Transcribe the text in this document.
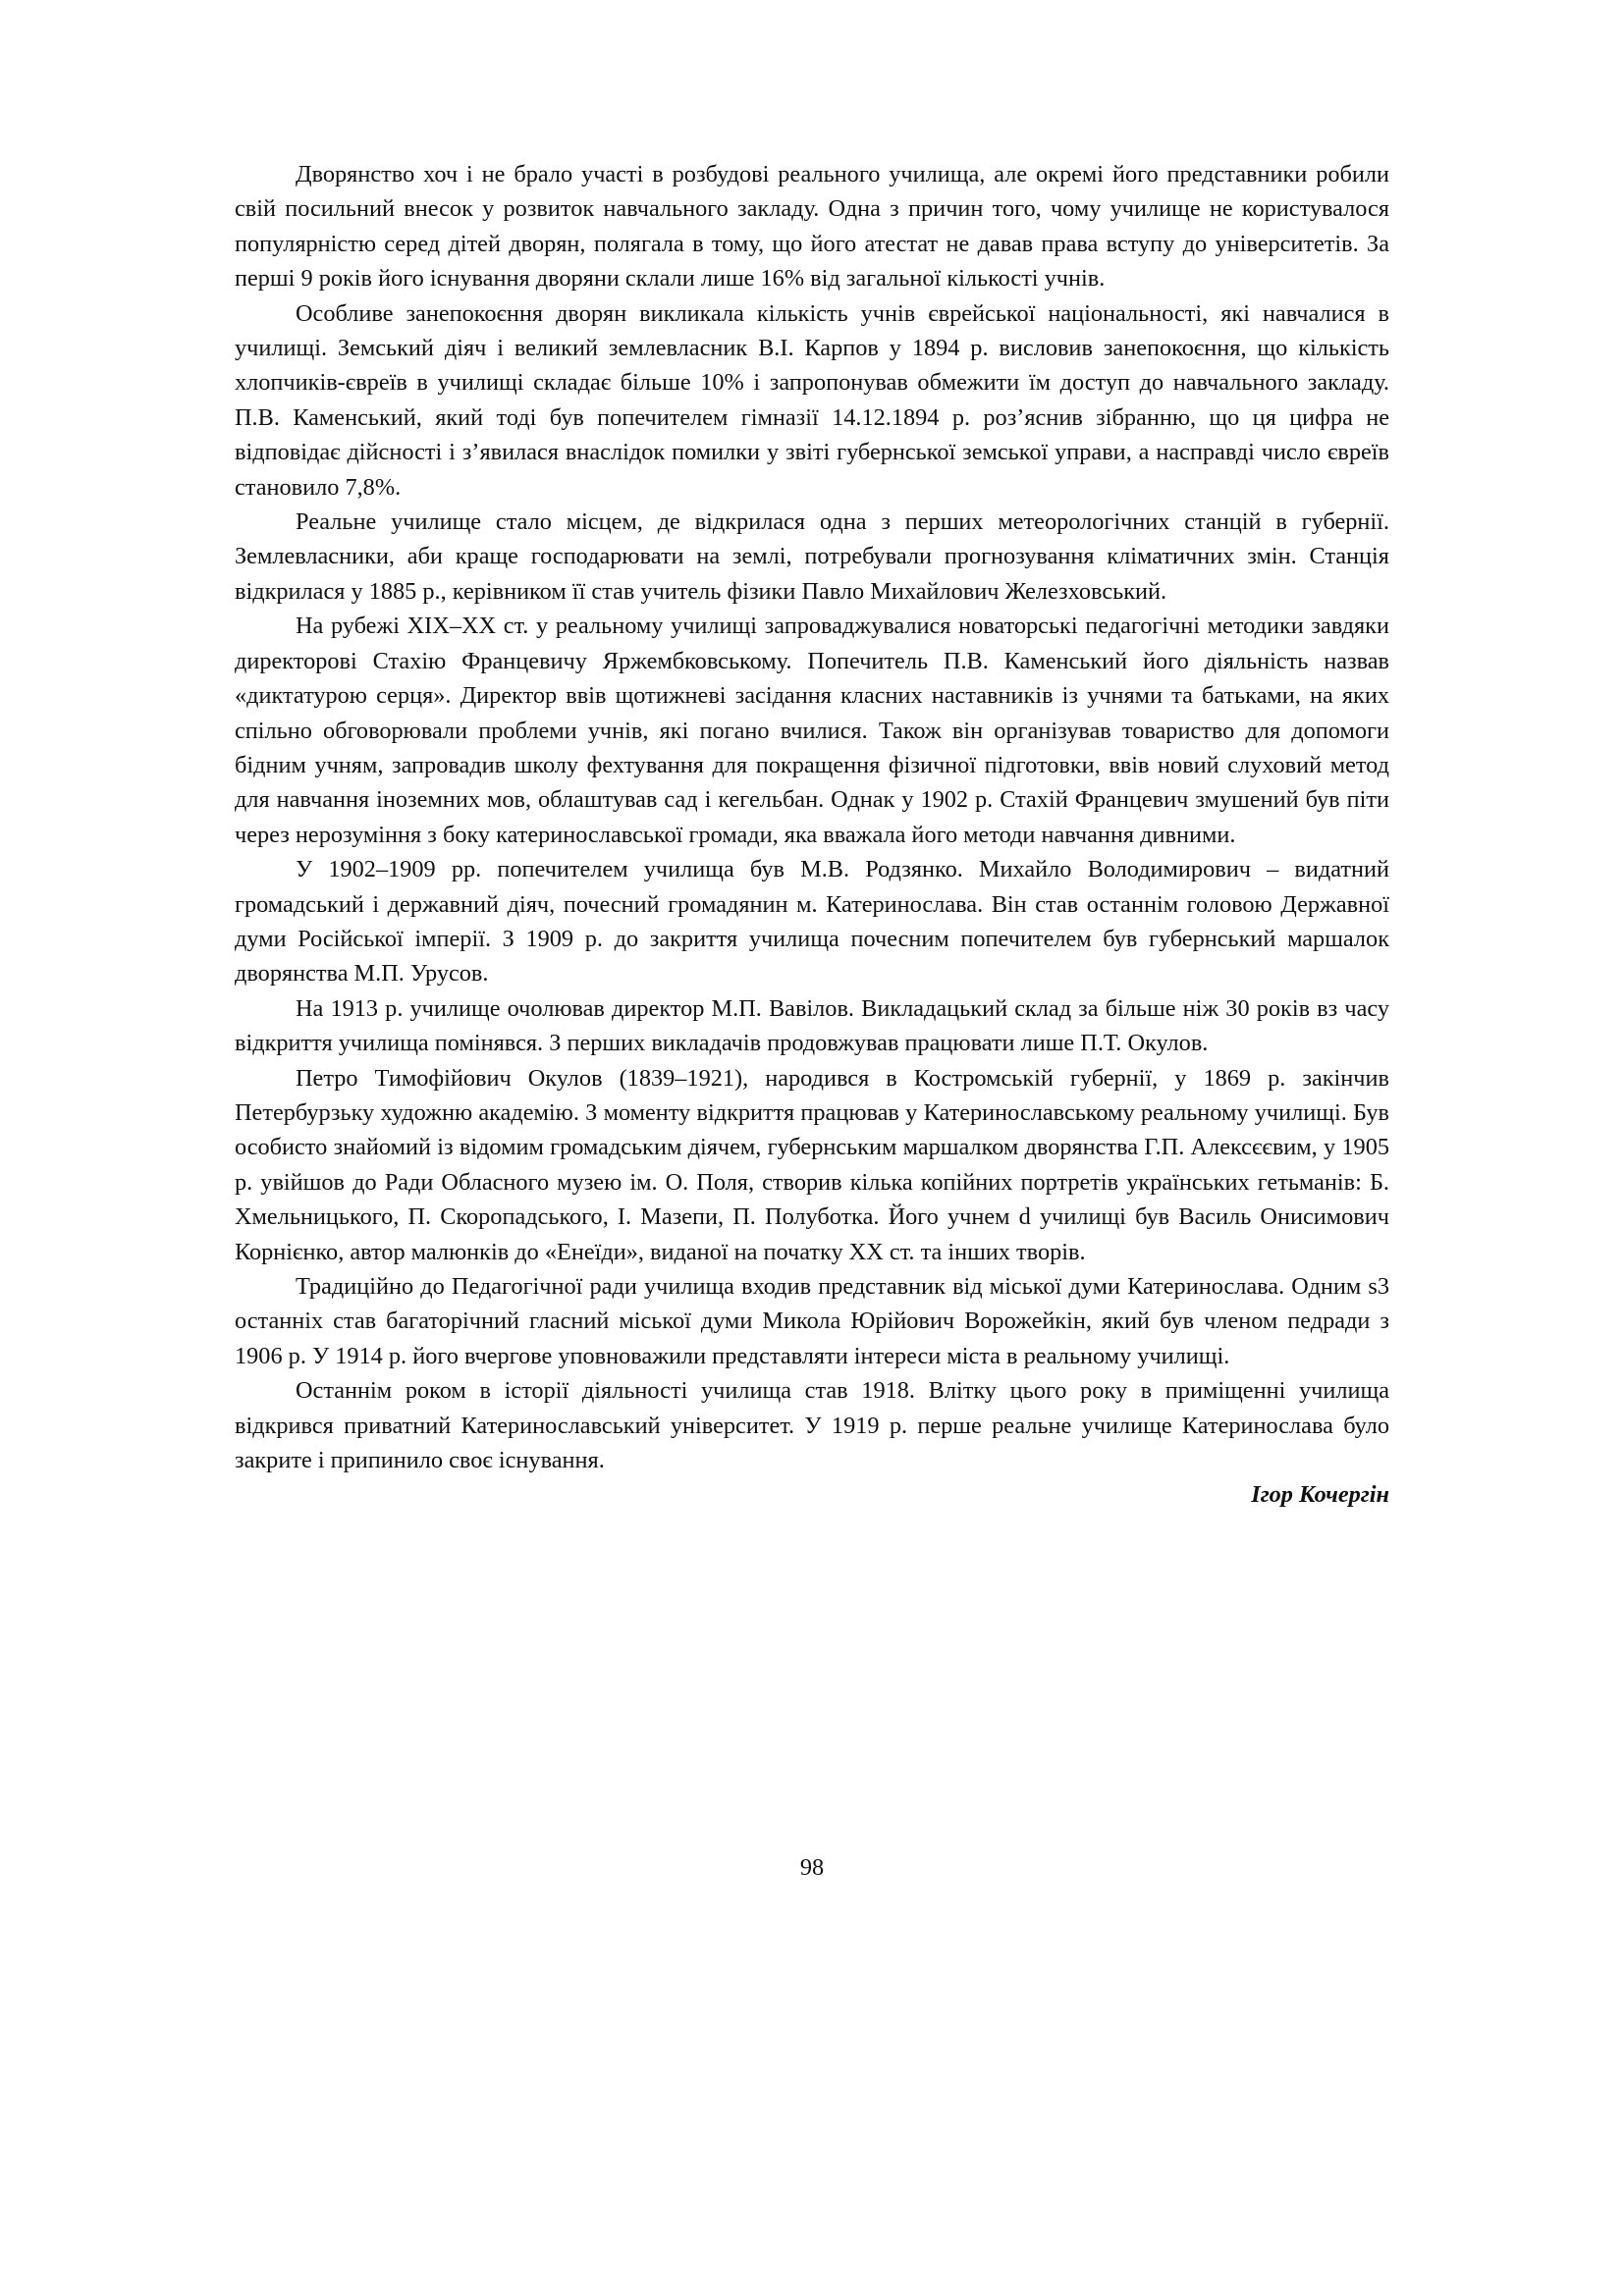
Дворянство хоч і не брало участі в розбудові реального училища, але окремі його представники робили свій посильний внесок у розвиток навчального закладу. Одна з причин того, чому училище не користувалося популярністю серед дітей дворян, полягала в тому, що його атестат не давав права вступу до університетів. За перші 9 років його існування дворяни склали лише 16% від загальної кількості учнів.

Особливе занепокоєння дворян викликала кількість учнів єврейської національності, які навчалися в училищі. Земський діяч і великий землевласник В.І. Карпов у 1894 р. висловив занепокоєння, що кількість хлопчиків-євреїв в училищі складає більше 10% і запропонував обмежити їм доступ до навчального закладу. П.В. Каменський, який тоді був попечителем гімназії 14.12.1894 р. роз’яснив зібранню, що ця цифра не відповідає дійсності і з’явилася внаслідок помилки у звіті губернської земської управи, а насправді число євреїв становило 7,8%.

Реальне училище стало місцем, де відкрилася одна з перших метеорологічних станцій в губернії. Землевласники, аби краще господарювати на землі, потребували прогнозування кліматичних змін. Станція відкрилася у 1885 р., керівником її став учитель фізики Павло Михайлович Железховський.

На рубежі ХІХ–ХХ ст. у реальному училищі запроваджувалися новаторські педагогічні методики завдяки директорові Стахію Францевичу Яржембковському. Попечитель П.В. Каменський його діяльність назвав «диктатурою серця». Директор ввів щотижневі засідання класних наставників із учнями та батьками, на яких спільно обговорювали проблеми учнів, які погано вчилися. Також він організував товариство для допомоги бідним учням, запровадив школу фехтування для покращення фізичної підготовки, ввів новий слуховий метод для навчання іноземних мов, облаштував сад і кегельбан. Однак у 1902 р. Стахій Францевич змушений був піти через нерозуміння з боку катеринославської громади, яка вважала його методи навчання дивними.

У 1902–1909 рр. попечителем училища був М.В. Родзянко. Михайло Володимирович – видатний громадський і державний діяч, почесний громадянин м. Катеринослава. Він став останнім головою Державної думи Російської імперії. З 1909 р. до закриття училища почесним попечителем був губернський маршалок дворянства М.П. Урусов.

На 1913 р. училище очолював директор М.П. Вавілов. Викладацький склад за більше ніж 30 років вз часу відкриття училища помінявся. З перших викладачів продовжував працювати лише П.Т. Окулов.

Петро Тимофійович Окулов (1839–1921), народився в Костромській губернії, у 1869 р. закінчив Петербурзьку художню академію. З моменту відкриття працював у Катеринославському реальному училищі. Був особисто знайомий із відомим громадським діячем, губернським маршалком дворянства Г.П. Алексєєвим, у 1905 р. увійшов до Ради Обласного музею ім. О. Поля, створив кілька копійних портретів українських гетьманів: Б. Хмельницького, П. Скоропадського, І. Мазепи, П. Полуботка. Його учнем d училищі був Василь Онисимович Корнієнко, автор малюнків до «Енеїди», виданої на початку ХХ ст. та інших творів.

Традиційно до Педагогічної ради училища входив представник від міської думи Катеринослава. Одним s3 останніх став багаторічний гласний міської думи Микола Юрійович Ворожейкін, який був членом педради з 1906 р. У 1914 р. його вчергове уповноважили представляти інтереси міста в реальному училищі.

Останнім роком в історії діяльності училища став 1918. Влітку цього року в приміщенні училища відкрився приватний Катеринославський університет. У 1919 р. перше реальне училище Катеринослава було закрите і припинило своє існування.

Ігор Кочергін

98
